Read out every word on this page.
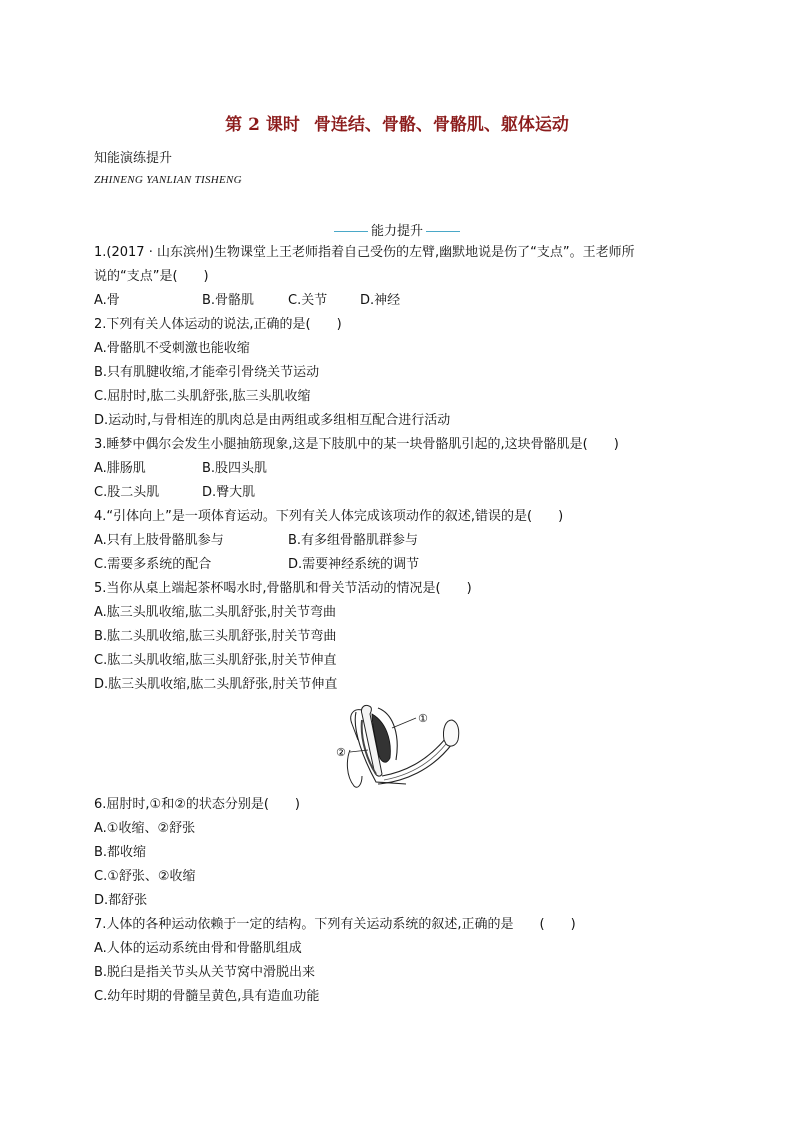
第 2 课时 骨连结、骨骼、骨骼肌、躯体运动
知能演练提升
ZHINENG YANLIAN TISHENG
能力提升
1.(2017 · 山东滨州)生物课堂上王老师指着自己受伤的左臂,幽默地说是伤了“支点”。王老师所
说的“支点”是(　　)
A.骨	B.骨骼肌	C.关节	D.神经
2.下列有关人体运动的说法,正确的是(　　)
A.骨骼肌不受刺激也能收缩
B.只有肌腱收缩,才能牵引骨绕关节运动
C.屈肘时,肱二头肌舒张,肱三头肌收缩
D.运动时,与骨相连的肌肉总是由两组或多组相互配合进行活动
3.睡梦中偶尔会发生小腿抽筋现象,这是下肢肌中的某一块骨骼肌引起的,这块骨骼肌是(　　)
A.腓肠肌	B.股四头肌
C.股二头肌	D.臀大肌
4.“引体向上”是一项体育运动。下列有关人体完成该项动作的叙述,错误的是(　　)
A.只有上肢骨骼肌参与	B.有多组骨骼肌群参与
C.需要多系统的配合	D.需要神经系统的调节
5.当你从桌上端起茶杯喝水时,骨骼肌和骨关节活动的情况是(　　)
A.肱三头肌收缩,肱二头肌舒张,肘关节弯曲
B.肱二头肌收缩,肱三头肌舒张,肘关节弯曲
C.肱二头肌收缩,肱三头肌舒张,肘关节伸直
D.肱三头肌收缩,肱二头肌舒张,肘关节伸直
①
②
6.屈肘时,①和②的状态分别是(　　)
A.①收缩、②舒张
B.都收缩
C.①舒张、②收缩
D.都舒张
7.人体的各种运动依赖于一定的结构。下列有关运动系统的叙述,正确的是　　(　　)
A.人体的运动系统由骨和骨骼肌组成
B.脱臼是指关节头从关节窝中滑脱出来
C.幼年时期的骨髓呈黄色,具有造血功能
